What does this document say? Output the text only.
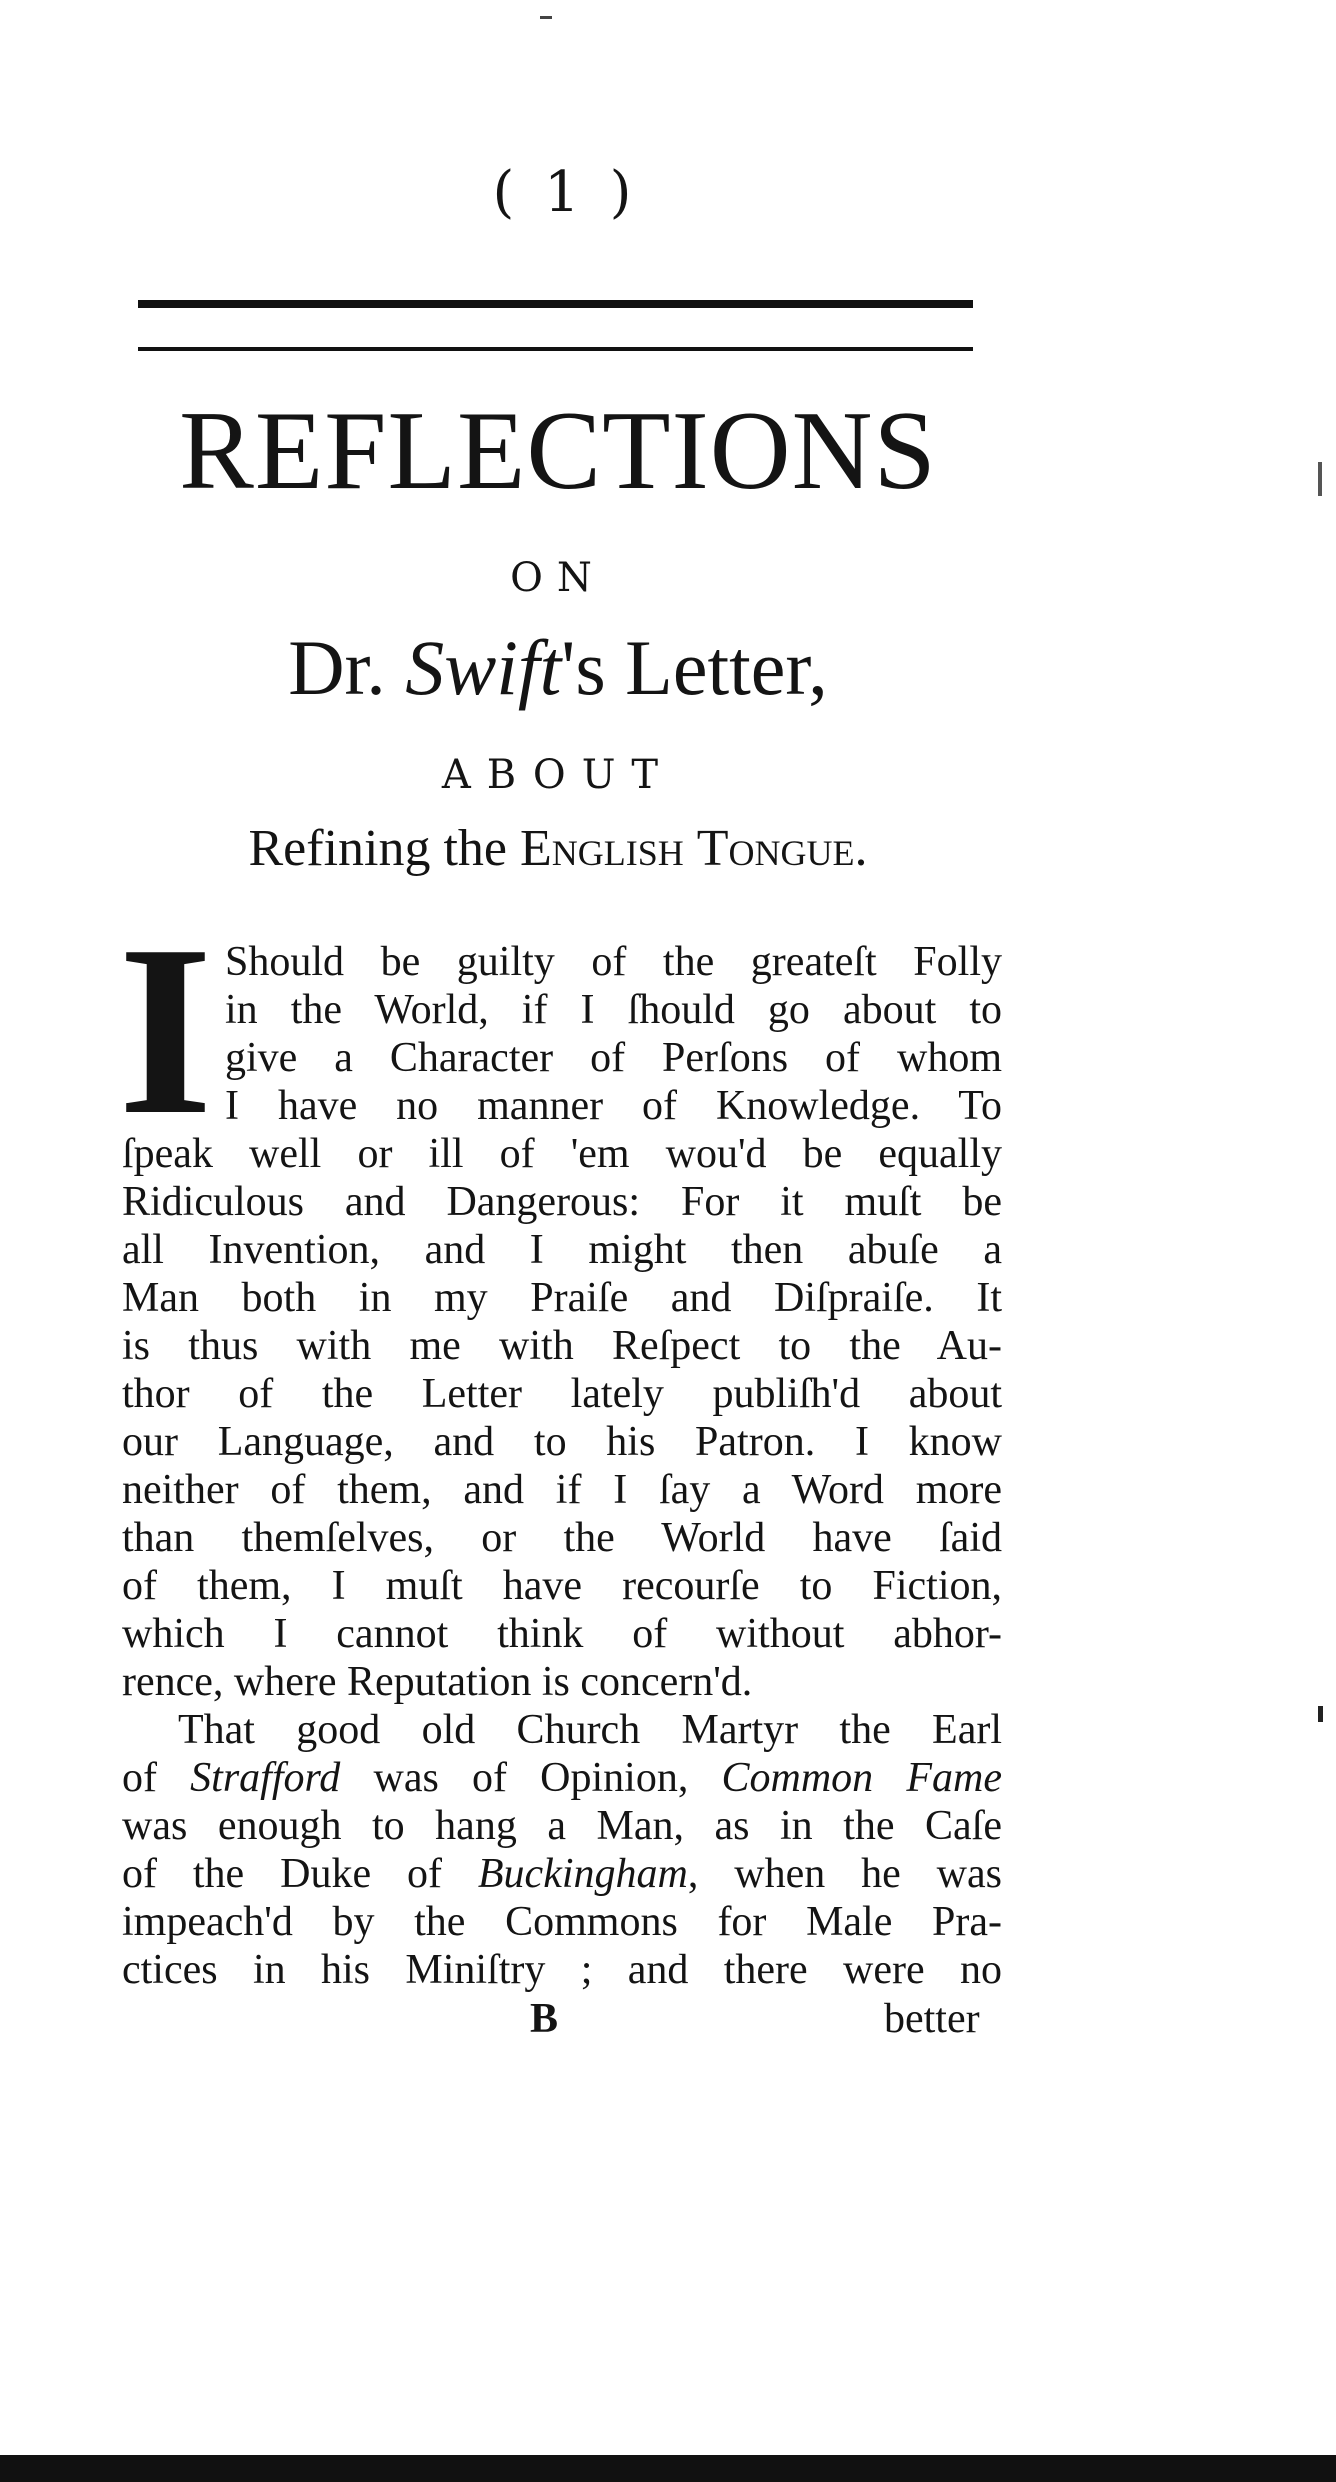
( 1 )
REFLECTIONS
ON
Dr. Swift's Letter,
ABOUT
Refining the English Tongue.
I Should be guilty of the greateſt Folly
in the World, if I ſhould go about to
give a Character of Perſons of whom
I have no manner of Knowledge. To
ſpeak well or ill of 'em wou'd be equally
Ridiculous and Dangerous: For it muſt be
all Invention, and I might then abuſe a
Man both in my Praiſe and Diſpraiſe. It
is thus with me with Reſpect to the Au-
thor of the Letter lately publiſh'd about
our Language, and to his Patron. I know
neither of them, and if I ſay a Word more
than themſelves, or the World have ſaid
of them, I muſt have recourſe to Fiction,
which I cannot think of without abhor-
rence, where Reputation is concern'd.
That good old Church Martyr the Earl
of Strafford was of Opinion, Common Fame
was enough to hang a Man, as in the Caſe
of the Duke of Buckingham, when he was
impeach'd by the Commons for Male Pra-
ctices in his Miniſtry ; and there were no
B	better
